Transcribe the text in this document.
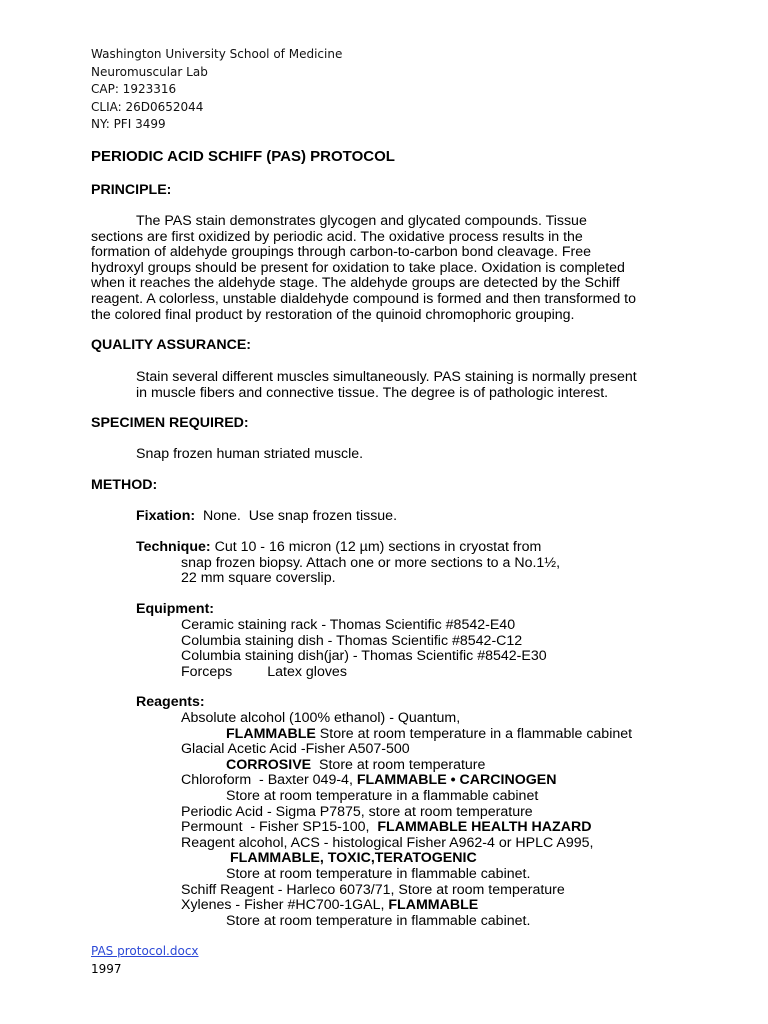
Washington University School of Medicine
Neuromuscular Lab
CAP: 1923316
CLIA: 26D0652044
NY: PFI 3499
PERIODIC ACID SCHIFF (PAS) PROTOCOL
PRINCIPLE:
The PAS stain demonstrates glycogen and glycated compounds. Tissue
sections are first oxidized by periodic acid. The oxidative process results in the
formation of aldehyde groupings through carbon-to-carbon bond cleavage. Free
hydroxyl groups should be present for oxidation to take place. Oxidation is completed
when it reaches the aldehyde stage. The aldehyde groups are detected by the Schiff
reagent. A colorless, unstable dialdehyde compound is formed and then transformed to
the colored final product by restoration of the quinoid chromophoric grouping.
QUALITY ASSURANCE:
Stain several different muscles simultaneously. PAS staining is normally present
in muscle fibers and connective tissue. The degree is of pathologic interest.
SPECIMEN REQUIRED:
Snap frozen human striated muscle.
METHOD:
Fixation:  None.  Use snap frozen tissue.
Technique: Cut 10 - 16 micron (12 µm) sections in cryostat from
snap frozen biopsy. Attach one or more sections to a No.1½,
22 mm square coverslip.
Equipment:
Ceramic staining rack - Thomas Scientific #8542-E40
Columbia staining dish - Thomas Scientific #8542-C12
Columbia staining dish(jar) - Thomas Scientific #8542-E30
Forceps Latex gloves
Reagents:
Absolute alcohol (100% ethanol) - Quantum,
FLAMMABLE Store at room temperature in a flammable cabinet
Glacial Acetic Acid -Fisher A507-500
CORROSIVE  Store at room temperature
Chloroform  - Baxter 049-4, FLAMMABLE • CARCINOGEN
Store at room temperature in a flammable cabinet
Periodic Acid - Sigma P7875, store at room temperature
Permount  - Fisher SP15-100,  FLAMMABLE HEALTH HAZARD
Reagent alcohol, ACS - histological Fisher A962-4 or HPLC A995,
FLAMMABLE, TOXIC,TERATOGENIC
Store at room temperature in flammable cabinet.
Schiff Reagent - Harleco 6073/71, Store at room temperature
Xylenes - Fisher #HC700-1GAL, FLAMMABLE
Store at room temperature in flammable cabinet.
PAS protocol.docx
1997
